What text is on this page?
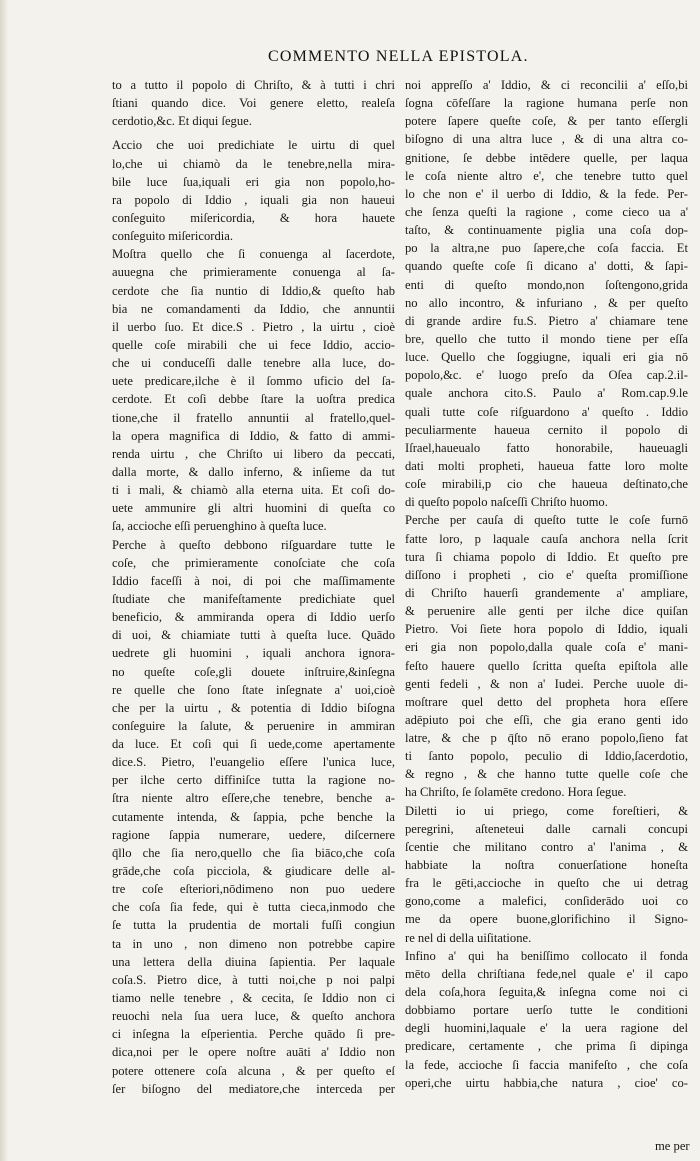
COMMENTO NELLA EPISTOLA.
to a tutto il popolo di Chriſto, & à tutti i chri
ſtiani quando dice. Voi genere eletto, realeſa
cerdotio,&c. Et diqui ſegue.
Accio che uoi predichiate le uirtu di quel
lo,che ui chiamò da le tenebre,nella mira-
bile luce ſua,iquali eri gia non popolo,ho-
ra popolo di Iddio , iquali gia non haueui
conſeguito miſericordia, & hora hauete
conſeguito miſericordia.
Moſtra quello che ſi conuenga al ſacerdote,
auuegna che primieramente conuenga al ſa-
cerdote che ſia nuntio di Iddio,& queſto hab
bia ne comandamenti da Iddio, che annuntii
il uerbo ſuo. Et dice.S . Pietro , la uirtu , cioè
quelle coſe mirabili che ui fece Iddio, accio-
che ui conduceſſi dalle tenebre alla luce, do-
uete predicare,ilche è il ſommo uficio del ſa-
cerdote. Et coſi debbe ſtare la uoſtra predica
tione,che il fratello annuntii al fratello,quel-
la opera magnifica di Iddio, & fatto di ammi-
renda uirtu , che Chriſto ui libero da peccati,
dalla morte, & dallo inferno, & inſieme da tut
ti i mali, & chiamò alla eterna uita. Et coſi do-
uete ammunire gli altri huomini di queſta co
ſa, accioche eſſi peruenghino à queſta luce.
Perche à queſto debbono riſguardare tutte le
coſe, che primieramente conoſciate che coſa
Iddio faceſſi à noi, di poi che maſſimamente
ſtudiate che manifeſtamente predichiate quel
beneficio, & ammiranda opera di Iddio uerſo
di uoi, & chiamiate tutti à queſta luce. Quādo
uedrete gli huomini , iquali anchora ignora-
no queſte coſe,gli douete inſtruire,&inſegna
re quelle che ſono ſtate inſegnate a' uoi,cioè
che per la uirtu , & potentia di Iddio biſogna
conſeguire la ſalute, & peruenire in ammiran
da luce. Et coſi qui ſi uede,come apertamente
dice.S. Pietro, l'euangelio eſſere l'unica luce,
per ilche certo diffiniſce tutta la ragione no-
ſtra niente altro eſſere,che tenebre, benche a-
cutamente intenda, & ſappia, pche benche la
ragione ſappia numerare, uedere, diſcernere
q̄llo che ſia nero,quello che ſia biāco,che coſa
grāde,che coſa picciola, & giudicare delle al-
tre coſe eſteriori,nōdimeno non puo uedere
che coſa ſia fede, qui è tutta cieca,inmodo che
ſe tutta la prudentia de mortali fuſſi congiun
ta in uno , non dimeno non potrebbe capire
una lettera della diuina ſapientia. Per laquale
coſa.S. Pietro dice, à tutti noi,che p noi palpi
tiamo nelle tenebre , & cecita, ſe Iddio non ci
reuochi nela ſua uera luce, & queſto anchora
ci inſegna la eſperientia. Perche quādo ſi pre-
dica,noi per le opere noſtre auāti a' Iddio non
potere ottenere coſa alcuna , & per queſto eſ
ſer biſogno del mediatore,che interceda per
noi appreſſo a' Iddio, & ci reconcilii a' eſſo,bi
ſogna cōfeſſare la ragione humana perſe non
potere ſapere queſte coſe, & per tanto eſſergli
biſogno di una altra luce , & di una altra co-
gnitione, ſe debbe intēdere quelle, per laqua
le coſa niente altro e', che tenebre tutto quel
lo che non e' il uerbo di Iddio, & la fede. Per-
che ſenza queſti la ragione , come cieco ua a'
taſto, & continuamente piglia una coſa dop-
po la altra,ne puo ſapere,che coſa faccia. Et
quando queſte coſe ſi dicano a' dotti, & ſapi-
enti di queſto mondo,non ſoſtengono,grida
no allo incontro, & infuriano , & per queſto
di grande ardire fu.S. Pietro a' chiamare tene
bre, quello che tutto il mondo tiene per eſſa
luce. Quello che ſoggiugne, iquali eri gia nō
popolo,&c. e' luogo preſo da Oſea cap.2.il-
quale anchora cito.S. Paulo a' Rom.cap.9.le
quali tutte coſe riſguardono a' queſto . Iddio
peculiarmente haueua cernito il popolo di
Iſrael,haueualo fatto honorabile, haueuagli
dati molti propheti, haueua fatte loro molte
coſe mirabili,p cio che haueua deſtinato,che
di queſto popolo naſceſſi Chriſto huomo.
Perche per cauſa di queſto tutte le coſe furnō
fatte loro, p laquale cauſa anchora nella ſcrit
tura ſi chiama popolo di Iddio. Et queſto pre
diſſono i propheti , cio e' queſta promiſſione
di Chriſto hauerſi grandemente a' ampliare,
& peruenire alle genti per ilche dice quiſan
Pietro. Voi ſiete hora popolo di Iddio, iquali
eri gia non popolo,dalla quale coſa e' mani-
feſto hauere quello ſcritta queſta epiſtola alle
genti fedeli , & non a' Iudei. Perche uuole di-
moſtrare quel detto del propheta hora eſſere
adēpiuto poi che eſſi, che gia erano genti ido
latre, & che p q̄ſto nō erano popolo,ſieno fat
ti ſanto popolo, peculio di Iddio,ſacerdotio,
& regno , & che hanno tutte quelle coſe che
ha Chriſto, ſe ſolamēte credono. Hora ſegue.
Diletti io ui priego, come foreſtieri, &
peregrini, aſteneteui dalle carnali concupi
ſcentie che militano contro a' l'anima , &
habbiate la noſtra conuerſatione honeſta
fra le gēti,accioche in queſto che ui detrag
gono,come a malefici, conſiderādo uoi co
me da opere buone,glorifichino il Signo-
re nel di della uiſitatione.
Infino a' qui ha beniſſimo collocato il fonda
mēto della chriſtiana fede,nel quale e' il capo
dela coſa,hora ſeguita,& inſegna come noi ci
dobbiamo portare uerſo tutte le conditioni
degli huomini,laquale e' la uera ragione del
predicare, certamente , che prima ſi dipinga
la fede, accioche ſi faccia manifeſto , che coſa
operi,che uirtu habbia,che natura , cioe' co-
me per
